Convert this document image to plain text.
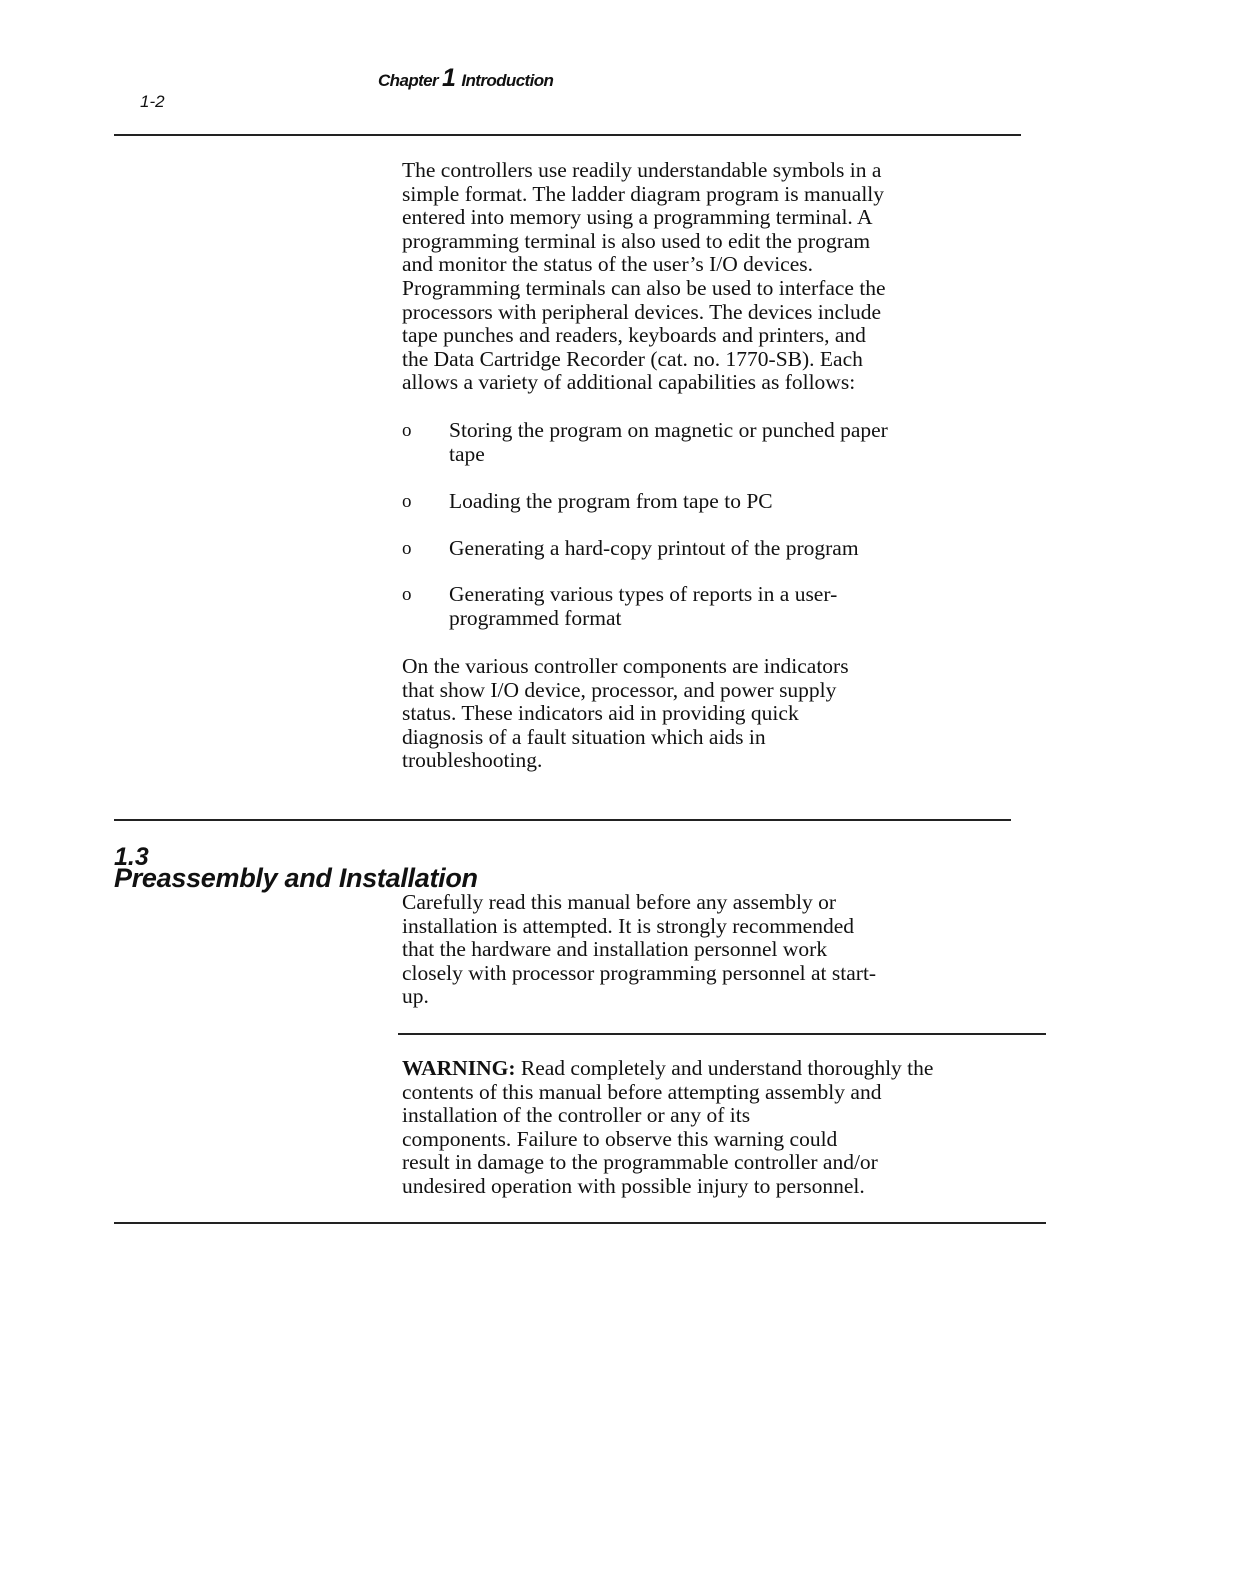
1-2
Chapter 1 Introduction
The controllers use readily understandable symbols in a
simple format. The ladder diagram program is manually
entered into memory using a programming terminal. A
programming terminal is also used to edit the program
and monitor the status of the user’s I/O devices.
Programming terminals can also be used to interface the
processors with peripheral devices. The devices include
tape punches and readers, keyboards and printers, and
the Data Cartridge Recorder (cat. no. 1770-SB). Each
allows a variety of additional capabilities as follows:
o Storing the program on magnetic or punched paper
tape
o Loading the program from tape to PC
o Generating a hard-copy printout of the program
o Generating various types of reports in a user-
programmed format
On the various controller components are indicators
that show I/O device, processor, and power supply
status. These indicators aid in providing quick
diagnosis of a fault situation which aids in
troubleshooting.
1.3
Preassembly and Installation
Carefully read this manual before any assembly or
installation is attempted. It is strongly recommended
that the hardware and installation personnel work
closely with processor programming personnel at start-
up.
WARNING: Read completely and understand thoroughly the
contents of this manual before attempting assembly and
installation of the controller or any of its
components. Failure to observe this warning could
result in damage to the programmable controller and/or
undesired operation with possible injury to personnel.
